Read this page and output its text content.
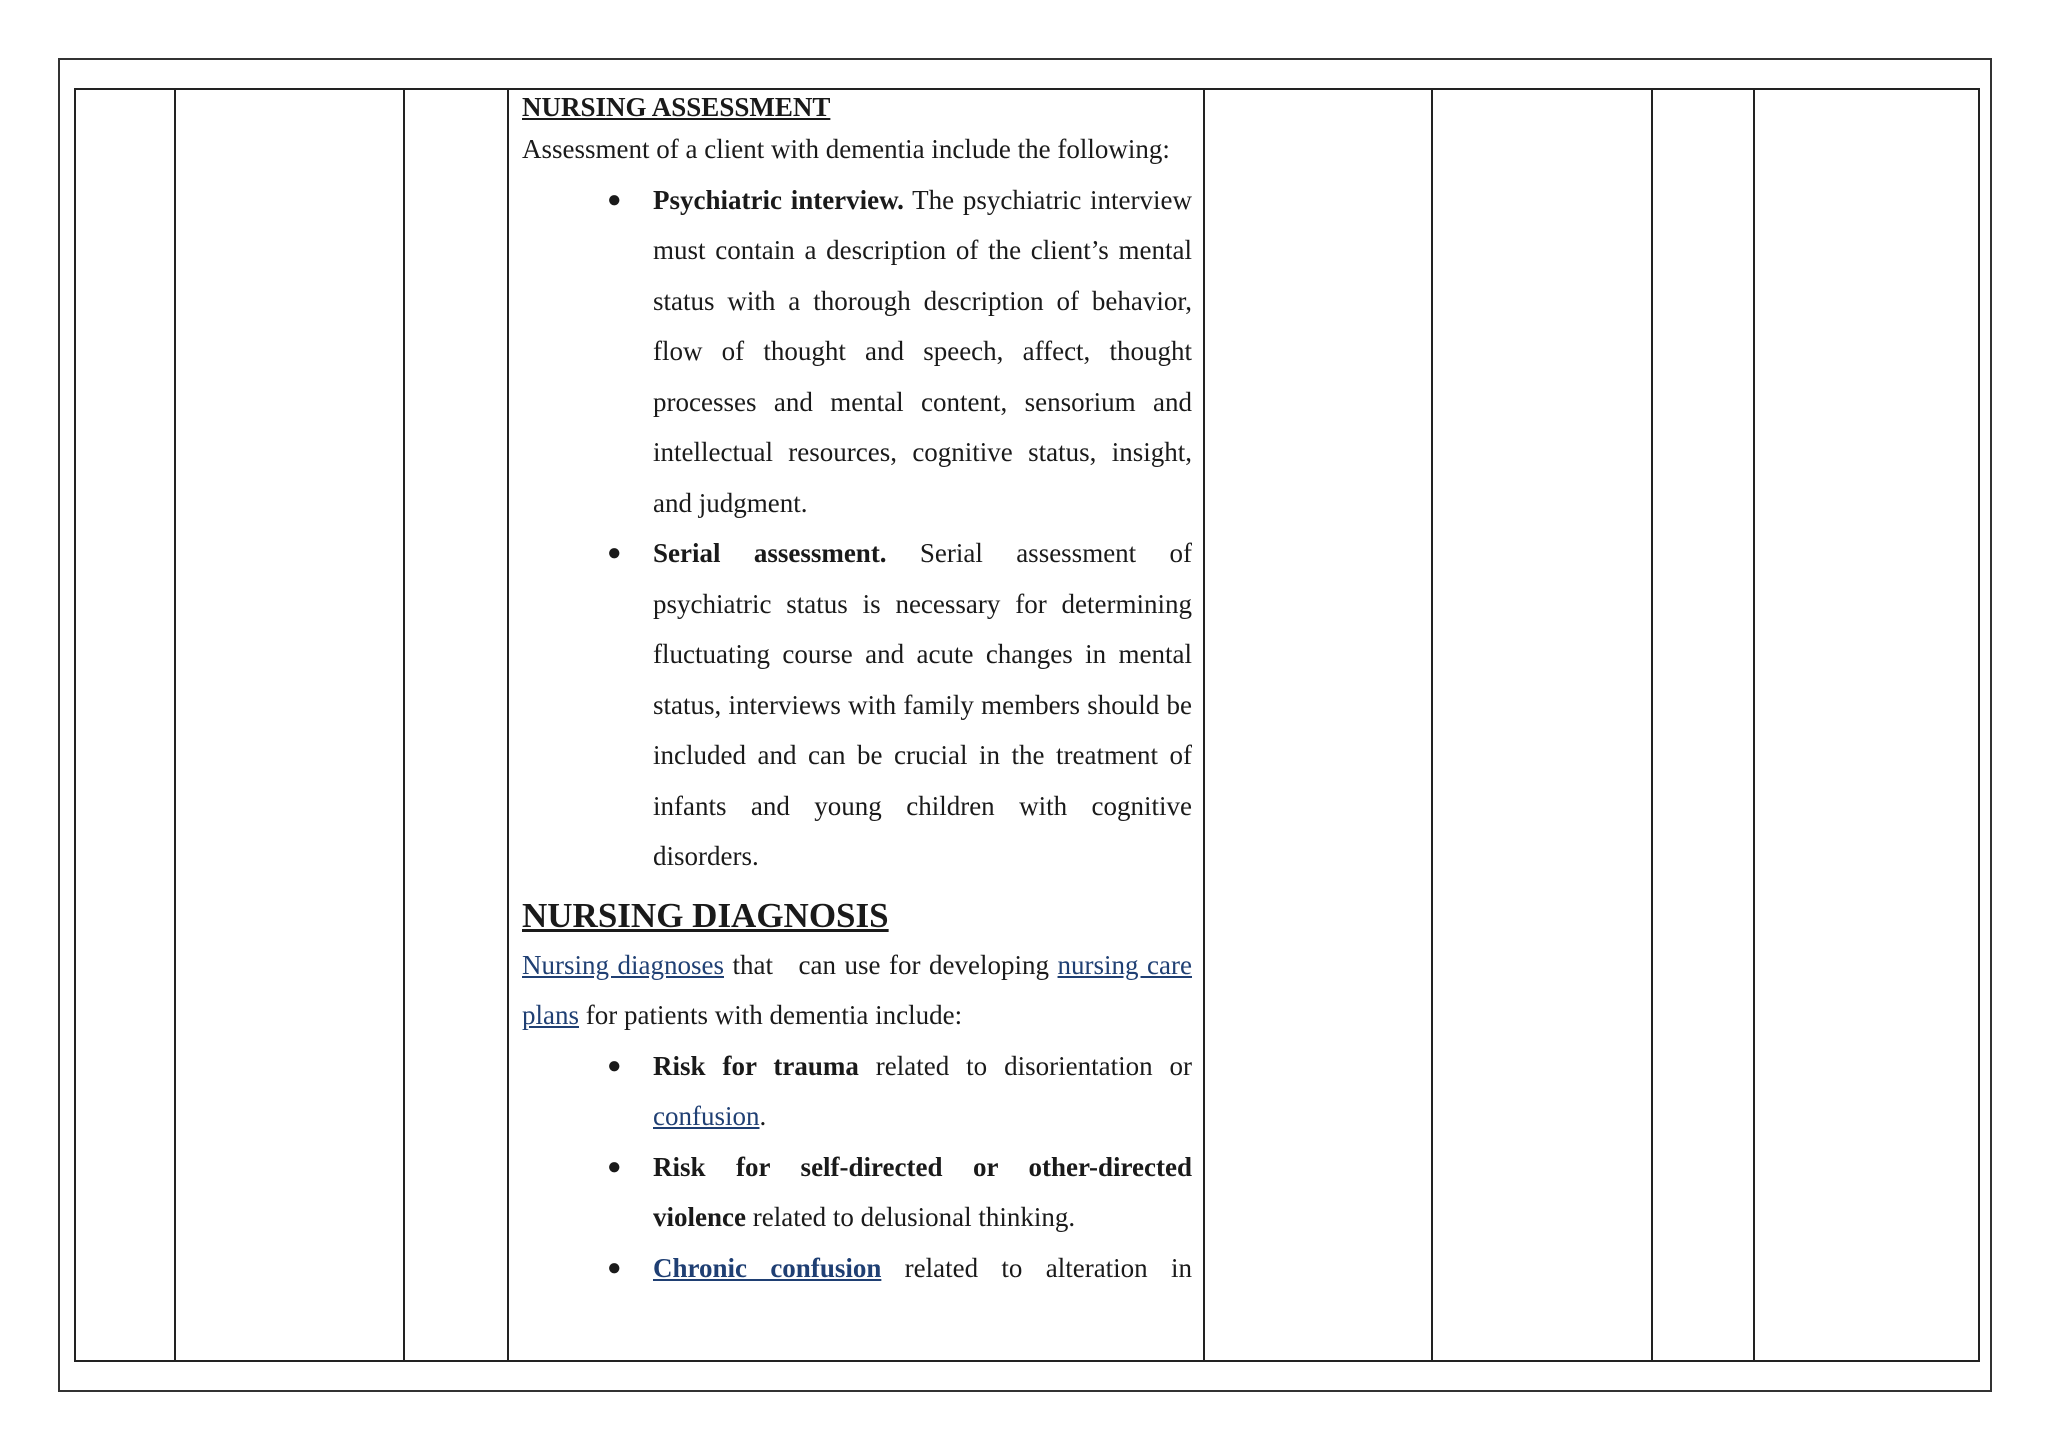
NURSING ASSESSMENT

Assessment of a client with dementia include the following:

● Psychiatric interview. The psychiatric interview must contain a description of the client’s mental status with a thorough description of behavior, flow of thought and speech, affect, thought processes and mental content, sensorium and intellectual resources, cognitive status, insight, and judgment.
● Serial assessment. Serial assessment of psychiatric status is necessary for determining fluctuating course and acute changes in mental status, interviews with family members should be included and can be crucial in the treatment of infants and young children with cognitive disorders.
NURSING DIAGNOSIS

Nursing diagnoses that   can use for developing nursing care plans for patients with dementia include:

● Risk for trauma related to disorientation or confusion.
● Risk for self-directed or other-directed violence related to delusional thinking.
● Chronic confusion related to alteration in
